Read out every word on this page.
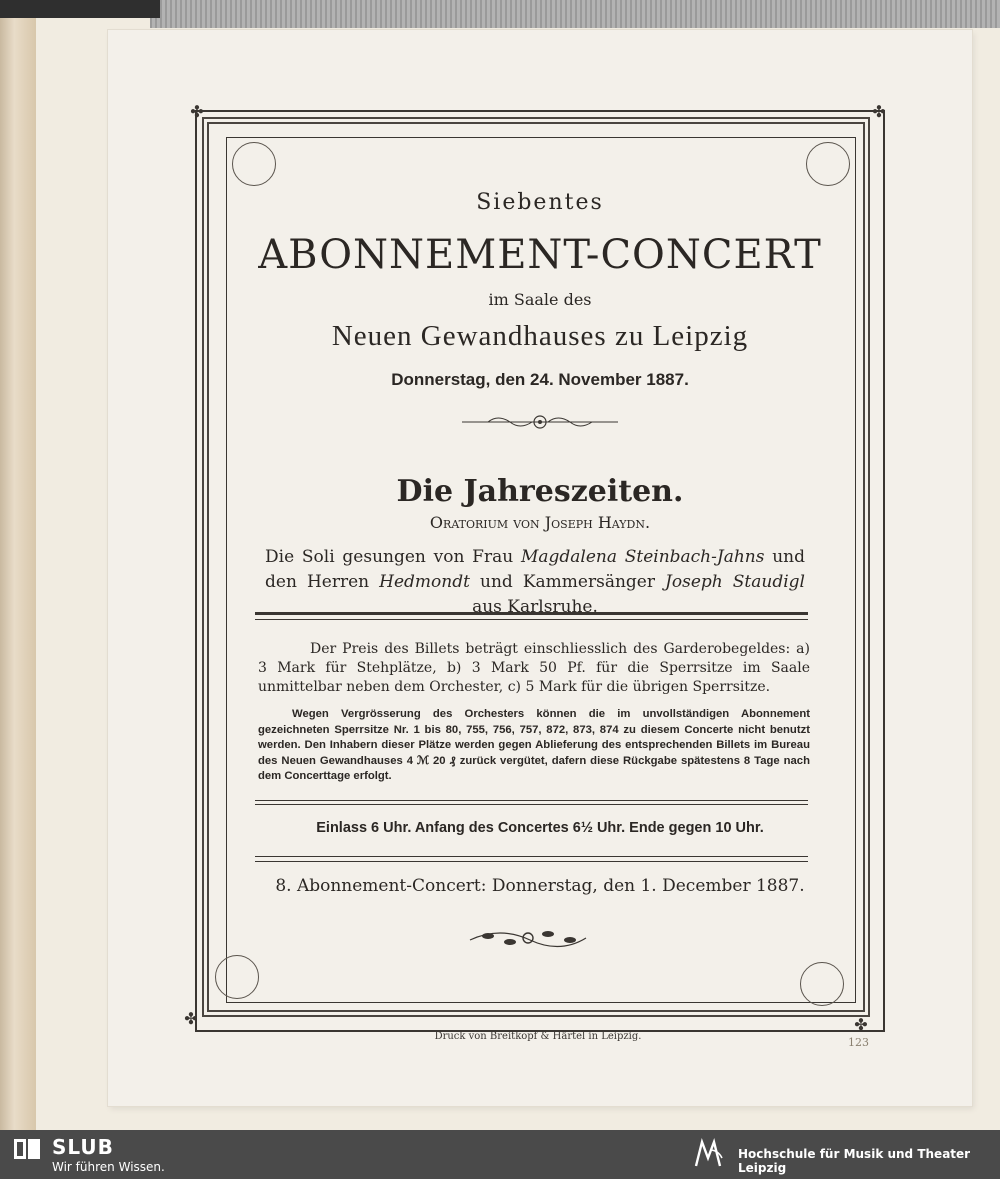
✤	✤
✤	✤
Siebentes
ABONNEMENT-CONCERT
im Saale des
Neuen Gewandhauses zu Leipzig
Donnerstag, den 24. November 1887.
Die Jahreszeiten.
Oratorium von Joseph Haydn.
Die Soli gesungen von Frau Magdalena Steinbach-Jahns und den Herren Hedmondt und Kammersänger Joseph Staudigl aus Karlsruhe.
Der Preis des Billets beträgt einschliesslich des Garderobegeldes: a) 3 Mark für Stehplätze, b) 3 Mark 50 Pf. für die Sperrsitze im Saale unmittelbar neben dem Orchester, c) 5 Mark für die übrigen Sperrsitze.
Wegen Vergrösserung des Orchesters können die im unvollständigen Abonnement gezeichneten Sperrsitze Nr. 1 bis 80, 755, 756, 757, 872, 873, 874 zu diesem Concerte nicht benutzt werden. Den Inhabern dieser Plätze werden gegen Ablieferung des entsprechenden Billets im Bureau des Neuen Gewandhauses 4 ℳ 20 ₰ zurück vergütet, dafern diese Rückgabe spätestens 8 Tage nach dem Concerttage erfolgt.
Einlass 6 Uhr. Anfang des Concertes 6½ Uhr. Ende gegen 10 Uhr.
8. Abonnement-Concert: Donnerstag, den 1. December 1887.
Druck von Breitkopf & Härtel in Leipzig.	123
SLUB
Wir führen Wissen.
Hochschule für Musik und Theater Leipzig
